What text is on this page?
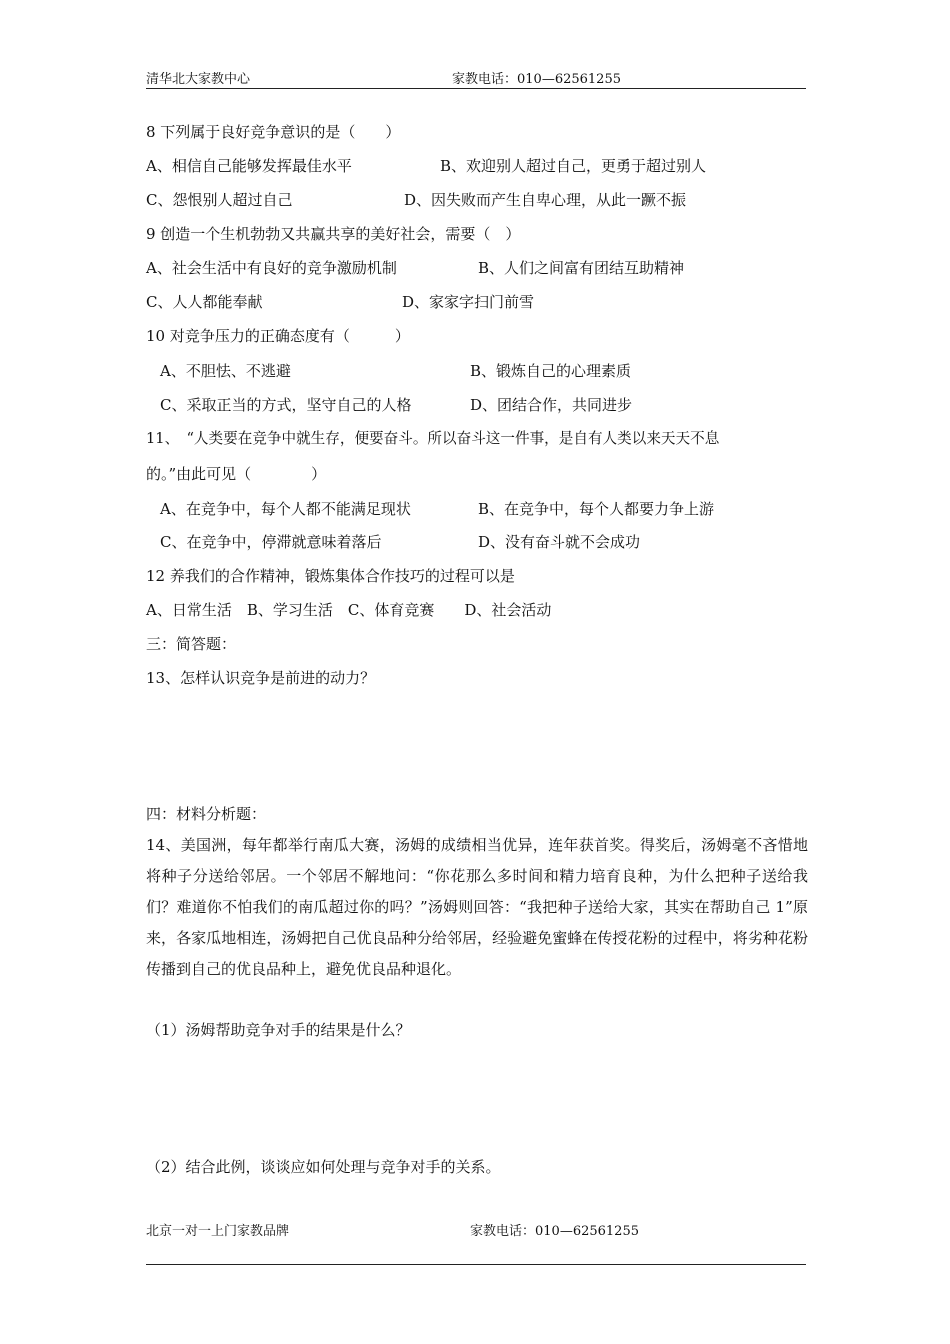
清华北大家教中心	家教电话：010—62561255
8 下列属于良好竞争意识的是（　　）
A、相信自己能够发挥最佳水平	B、欢迎别人超过自己，更勇于超过别人
C、怨恨别人超过自己	D、因失败而产生自卑心理，从此一蹶不振
9 创造一个生机勃勃又共赢共享的美好社会，需要（　）
A、社会生活中有良好的竞争激励机制	B、人们之间富有团结互助精神
C、人人都能奉献	D、家家字扫门前雪
10 对竞争压力的正确态度有（　　　）
A、不胆怯、不逃避	B、锻炼自己的心理素质
C、采取正当的方式，坚守自己的人格	D、团结合作，共同进步
11、　“人类要在竞争中就生存，便要奋斗。所以奋斗这一件事，是自有人类以来天天不息
的。”由此可见（　　　　）
A、在竞争中，每个人都不能满足现状	B、在竞争中，每个人都要力争上游
C、在竞争中，停滞就意味着落后	D、没有奋斗就不会成功
12 养我们的合作精神，锻炼集体合作技巧的过程可以是
A、日常生活　B、学习生活　C、体育竞赛　　D、社会活动
三：简答题：
13、怎样认识竞争是前进的动力？
四：材料分析题：
14、美国洲，每年都举行南瓜大赛，汤姆的成绩相当优异，连年获首奖。得奖后，汤姆毫不吝惜地将种子分送给邻居。一个邻居不解地问：“你花那么多时间和精力培育良种，为什么把种子送给我们？难道你不怕我们的南瓜超过你的吗？”汤姆则回答：“我把种子送给大家，其实在帮助自己 1”原来，各家瓜地相连，汤姆把自己优良品种分给邻居，经验避免蜜蜂在传授花粉的过程中，将劣种花粉传播到自己的优良品种上，避免优良品种退化。
（1）汤姆帮助竞争对手的结果是什么？
（2）结合此例，谈谈应如何处理与竞争对手的关系。
北京一对一上门家教品牌	家教电话：010—62561255
